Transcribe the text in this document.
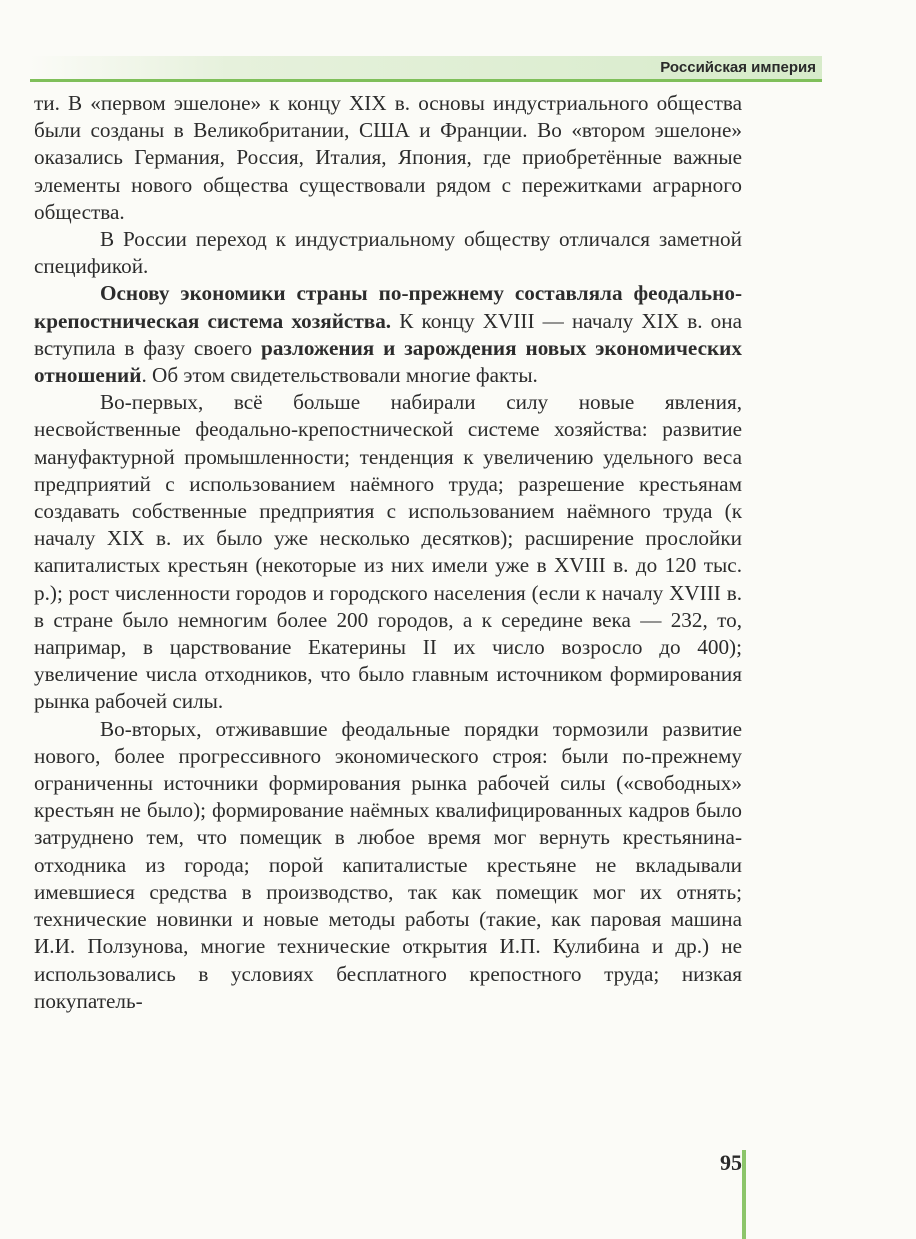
Российская империя

ти. В «первом эшелоне» к концу XIX в. основы индустриального общества были созданы в Великобритании, США и Франции. Во «втором эшелоне» оказались Германия, Россия, Италия, Япония, где приобретённые важные элементы нового общества существовали рядом с пережитками аграрного общества.

В России переход к индустриальному обществу отличался заметной спецификой.

Основу экономики страны по-прежнему составляла феодально-крепостническая система хозяйства. К концу XVIII — началу XIX в. она вступила в фазу своего разложения и зарождения новых экономических отношений. Об этом свидетельствовали многие факты.

Во-первых, всё больше набирали силу новые явления, несвойственные феодально-крепостнической системе хозяйства: развитие мануфактурной промышленности; тенденция к увеличению удельного веса предприятий с использованием наёмного труда; разрешение крестьянам создавать собственные предприятия с использованием наёмного труда (к началу XIX в. их было уже несколько десятков); расширение прослойки капиталистых крестьян (некоторые из них имели уже в XVIII в. до 120 тыс. р.); рост численности городов и городского населения (если к началу XVIII в. в стране было немногим более 200 городов, а к середине века — 232, то, напримар, в царствование Екатерины II их число возросло до 400); увеличение числа отходников, что было главным источником формирования рынка рабочей силы.

Во-вторых, отживавшие феодальные порядки тормозили развитие нового, более прогрессивного экономического строя: были по-прежнему ограниченны источники формирования рынка рабочей силы («свободных» крестьян не было); формирование наёмных квалифицированных кадров было затруднено тем, что помещик в любое время мог вернуть крестьянина-отходника из города; порой капиталистые крестьяне не вкладывали имевшиеся средства в производство, так как помещик мог их отнять; технические новинки и новые методы работы (такие, как паровая машина И.И. Ползунова, многие технические открытия И.П. Кулибина и др.) не использовались в условиях бесплатного крепостного труда; низкая покупатель-

95
